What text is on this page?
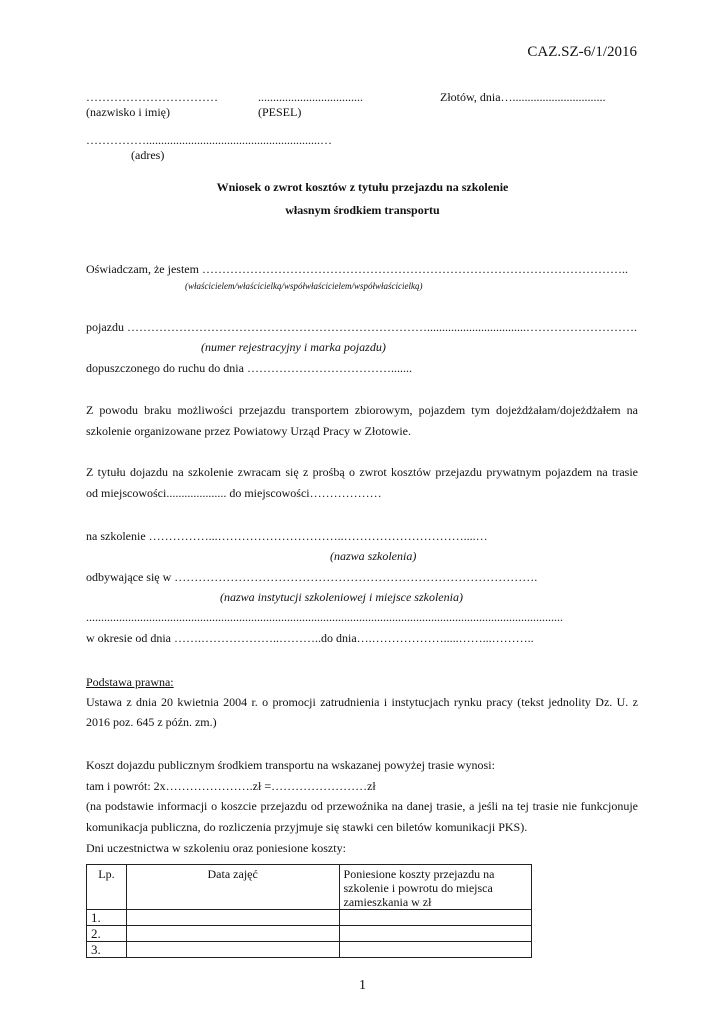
CAZ.SZ-6/1/2016
……………………………
(nazwisko i imię)
...................................
(PESEL)
Złotów, dnia…...............................
……………..........................................................…
(adres)
Wniosek o zwrot kosztów z tytułu przejazdu na szkolenie
własnym środkiem transportu
Oświadczam, że jestem ……………………………………………………………………………………………..
(właścicielem/właścicielką/współwłaścicielem/współwłaścicielką)
pojazdu ………………………………………………………………….................................……………………….
(numer rejestracyjny i marka pojazdu)
dopuszczonego do ruchu do dnia ……………………………….......
Z powodu braku możliwości przejazdu transportem zbiorowym, pojazdem tym dojeżdżałam/dojeżdżałem na
szkolenie organizowane przez Powiatowy Urząd Pracy w Złotowie.
Z tytułu dojazdu na szkolenie zwracam się z prośbą o zwrot kosztów przejazdu prywatnym pojazdem na trasie
od miejscowości.................... do miejscowości………………
na szkolenie ……………...…………………………..…………………………....…
(nazwa szkolenia)
odbywające się w ……………………………………………………………………………….
(nazwa instytucji szkoleniowej i miejsce szkolenia)
...............................................................................................................................................................
w okresie od dnia …….………………..………..do dnia….……………….....……...………..
Podstawa prawna:
Ustawa z dnia 20 kwietnia 2004 r. o promocji zatrudnienia i instytucjach rynku pracy (tekst jednolity Dz. U. z
2016 poz. 645 z późn. zm.)
Koszt dojazdu publicznym środkiem transportu na wskazanej powyżej trasie wynosi:
tam i powrót: 2x………………….zł =……………………zł
(na podstawie informacji o koszcie przejazdu od przewoźnika na danej trasie, a jeśli na tej trasie nie funkcjonuje
komunikacja publiczna, do rozliczenia przyjmuje się stawki cen biletów komunikacji PKS).
Dni uczestnictwa w szkoleniu oraz poniesione koszty:
Lp.	Data zajęć	Poniesione koszty przejazdu na szkolenie i powrotu do miejsca zamieszkania w zł
1.		
2.		
3.		
1
